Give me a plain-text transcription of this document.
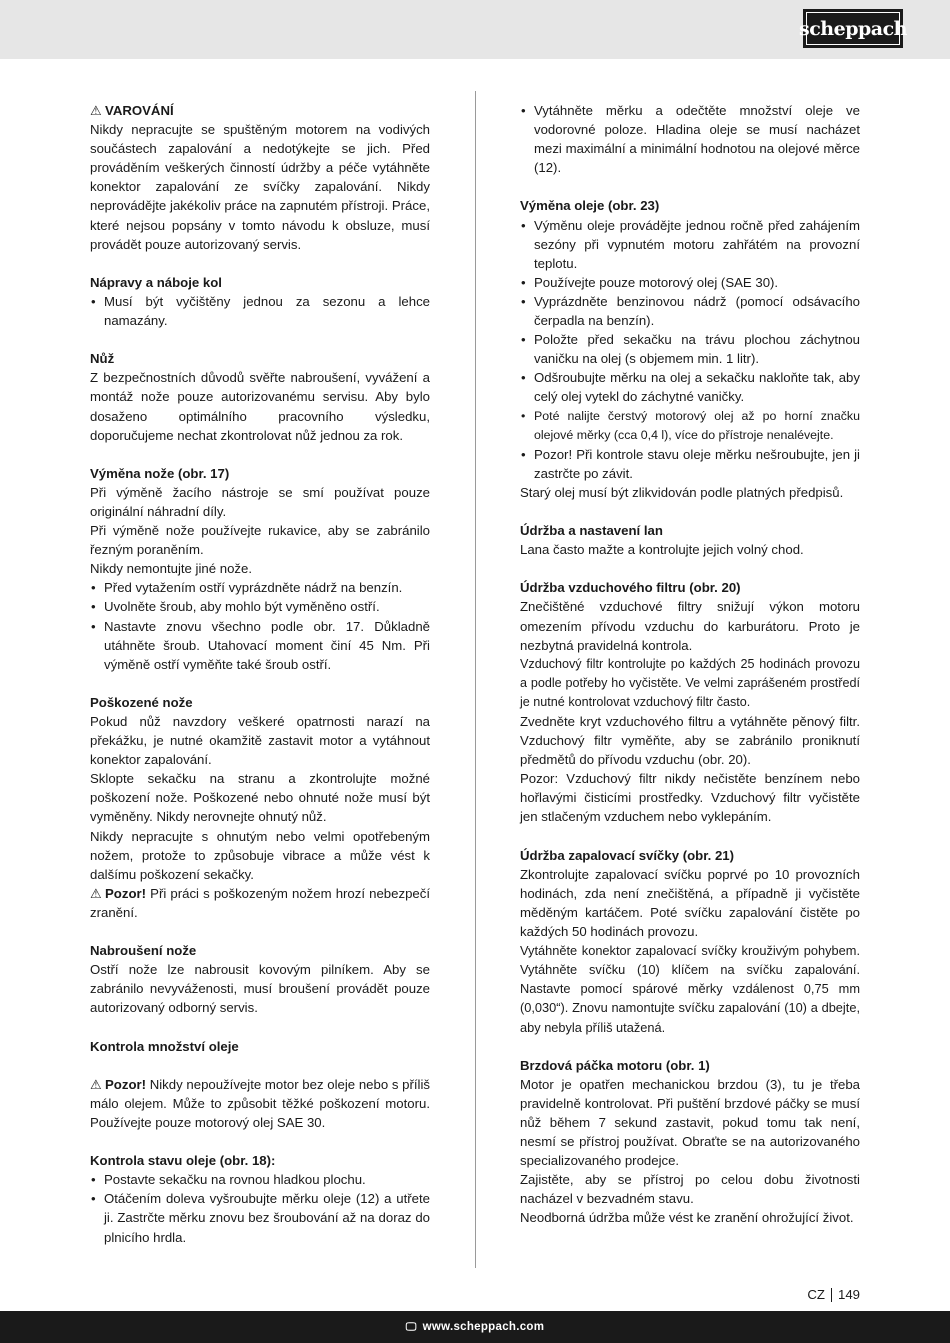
scheppach
⚠ VAROVÁNÍ
Nikdy nepracujte se spuštěným motorem na vodivých součástech zapalování a nedotýkejte se jich. Před prováděním veškerých činností údržby a péče vytáhněte konektor zapalování ze svíčky zapalování. Nikdy neprovádějte jakékoliv práce na zapnutém přístroji. Práce, které nejsou popsány v tomto návodu k obsluze, musí provádět pouze autorizovaný servis.
Nápravy a náboje kol
• Musí být vyčištěny jednou za sezonu a lehce namazány.
Nůž
Z bezpečnostních důvodů svěřte nabroušení, vyvážení a montáž nože pouze autorizovanému servisu. Aby bylo dosaženo optimálního pracovního výsledku, doporučujeme nechat zkontrolovat nůž jednou za rok.
Výměna nože (obr. 17)
Při výměně žacího nástroje se smí používat pouze originální náhradní díly.
Při výměně nože používejte rukavice, aby se zabránilo řezným poraněním.
Nikdy nemontujte jiné nože.
• Před vytažením ostří vyprázdněte nádrž na benzín.
• Uvolněte šroub, aby mohlo být vyměněno ostří.
• Nastavte znovu všechno podle obr. 17. Důkladně utáhněte šroub. Utahovací moment činí 45 Nm. Při výměně ostří vyměňte také šroub ostří.
Poškozené nože
Pokud nůž navzdory veškeré opatrnosti narazí na překážku, je nutné okamžitě zastavit motor a vytáhnout konektor zapalování.
Sklopte sekačku na stranu a zkontrolujte možné poškození nože. Poškozené nebo ohnuté nože musí být vyměněny. Nikdy nerovnejte ohnutý nůž.
Nikdy nepracujte s ohnutým nebo velmi opotřebeným nožem, protože to způsobuje vibrace a může vést k dalšímu poškození sekačky.
⚠ Pozor! Při práci s poškozeným nožem hrozí nebezpečí zranění.
Nabroušení nože
Ostří nože lze nabrousit kovovým pilníkem. Aby se zabránilo nevyváženosti, musí broušení provádět pouze autorizovaný odborný servis.
Kontrola množství oleje
⚠ Pozor! Nikdy nepoužívejte motor bez oleje nebo s příliš málo olejem. Může to způsobit těžké poškození motoru. Používejte pouze motorový olej SAE 30.
Kontrola stavu oleje (obr. 18):
• Postavte sekačku na rovnou hladkou plochu.
• Otáčením doleva vyšroubujte měrku oleje (12) a utřete ji. Zastrčte měrku znovu bez šroubování až na doraz do plnicího hrdla.
• Vytáhněte měrku a odečtěte množství oleje ve vodorovné poloze. Hladina oleje se musí nacházet mezi maximální a minimální hodnotou na olejové měrce (12).
Výměna oleje (obr. 23)
• Výměnu oleje provádějte jednou ročně před zahájením sezóny při vypnutém motoru zahřátém na provozní teplotu.
• Používejte pouze motorový olej (SAE 30).
• Vyprázdněte benzinovou nádrž (pomocí odsávacího čerpadla na benzín).
• Položte před sekačku na trávu plochou záchytnou vaničku na olej (s objemem min. 1 litr).
• Odšroubujte měrku na olej a sekačku nakloňte tak, aby celý olej vytekl do záchytné vaničky.
• Poté nalijte čerstvý motorový olej až po horní značku olejové měrky (cca 0,4 l), více do přístroje nenalévejte.
• Pozor! Při kontrole stavu oleje měrku nešroubujte, jen ji zastrčte po závit.
Starý olej musí být zlikvidován podle platných předpisů.
Údržba a nastavení lan
Lana často mažte a kontrolujte jejich volný chod.
Údržba vzduchového filtru (obr. 20)
Znečištěné vzduchové filtry snižují výkon motoru omezením přívodu vzduchu do karburátoru. Proto je nezbytná pravidelná kontrola.
Vzduchový filtr kontrolujte po každých 25 hodinách provozu a podle potřeby ho vyčistěte. Ve velmi zaprášeném prostředí je nutné kontrolovat vzduchový filtr často.
Zvedněte kryt vzduchového filtru a vytáhněte pěnový filtr. Vzduchový filtr vyměňte, aby se zabránilo proniknutí předmětů do přívodu vzduchu (obr. 20).
Pozor: Vzduchový filtr nikdy nečistěte benzínem nebo hořlavými čisticími prostředky. Vzduchový filtr vyčistěte jen stlačeným vzduchem nebo vyklepáním.
Údržba zapalovací svíčky (obr. 21)
Zkontrolujte zapalovací svíčku poprvé po 10 provozních hodinách, zda není znečištěná, a případně ji vyčistěte měděným kartáčem. Poté svíčku zapalování čistěte po každých 50 hodinách provozu.
Vytáhněte konektor zapalovací svíčky krouživým pohybem. Vytáhněte svíčku (10) klíčem na svíčku zapalování. Nastavte pomocí spárové měrky vzdálenost 0,75 mm (0,030“). Znovu namontujte svíčku zapalování (10) a dbejte, aby nebyla příliš utažená.
Brzdová páčka motoru (obr. 1)
Motor je opatřen mechanickou brzdou (3), tu je třeba pravidelně kontrolovat. Při puštění brzdové páčky se musí nůž během 7 sekund zastavit, pokud tomu tak není, nesmí se přístroj používat. Obraťte se na autorizovaného specializovaného prodejce.
Zajistěte, aby se přístroj po celou dobu životnosti nacházel v bezvadném stavu.
Neodborná údržba může vést ke zranění ohrožující život.
CZ 149
🖵 www.scheppach.com
